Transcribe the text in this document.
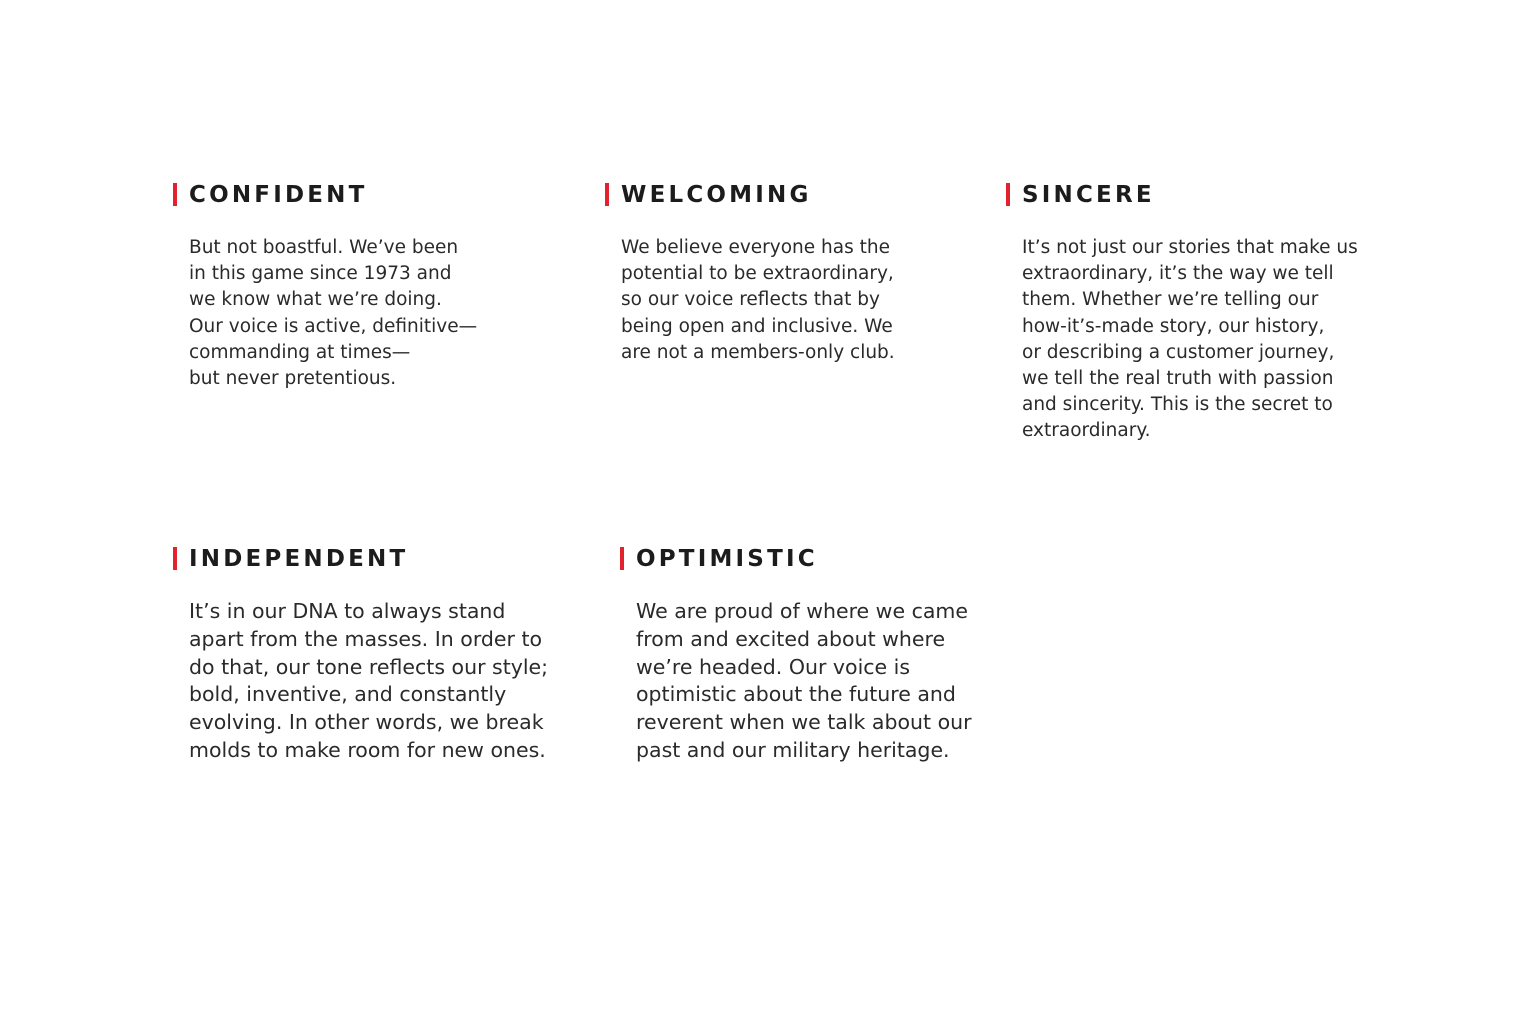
CONFIDENT

But not boastful. We’ve been
in this game since 1973 and
we know what we’re doing.
Our voice is active, definitive—
commanding at times—
but never pretentious.

WELCOMING

We believe everyone has the
potential to be extraordinary,
so our voice reflects that by
being open and inclusive. We
are not a members-only club.

SINCERE

It’s not just our stories that make us
extraordinary, it’s the way we tell
them. Whether we’re telling our
how-it’s-made story, our history,
or describing a customer journey,
we tell the real truth with passion
and sincerity. This is the secret to
extraordinary.

INDEPENDENT

It’s in our DNA to always stand
apart from the masses. In order to
do that, our tone reflects our style;
bold, inventive, and constantly
evolving. In other words, we break
molds to make room for new ones.

OPTIMISTIC

We are proud of where we came
from and excited about where
we’re headed. Our voice is
optimistic about the future and
reverent when we talk about our
past and our military heritage.
